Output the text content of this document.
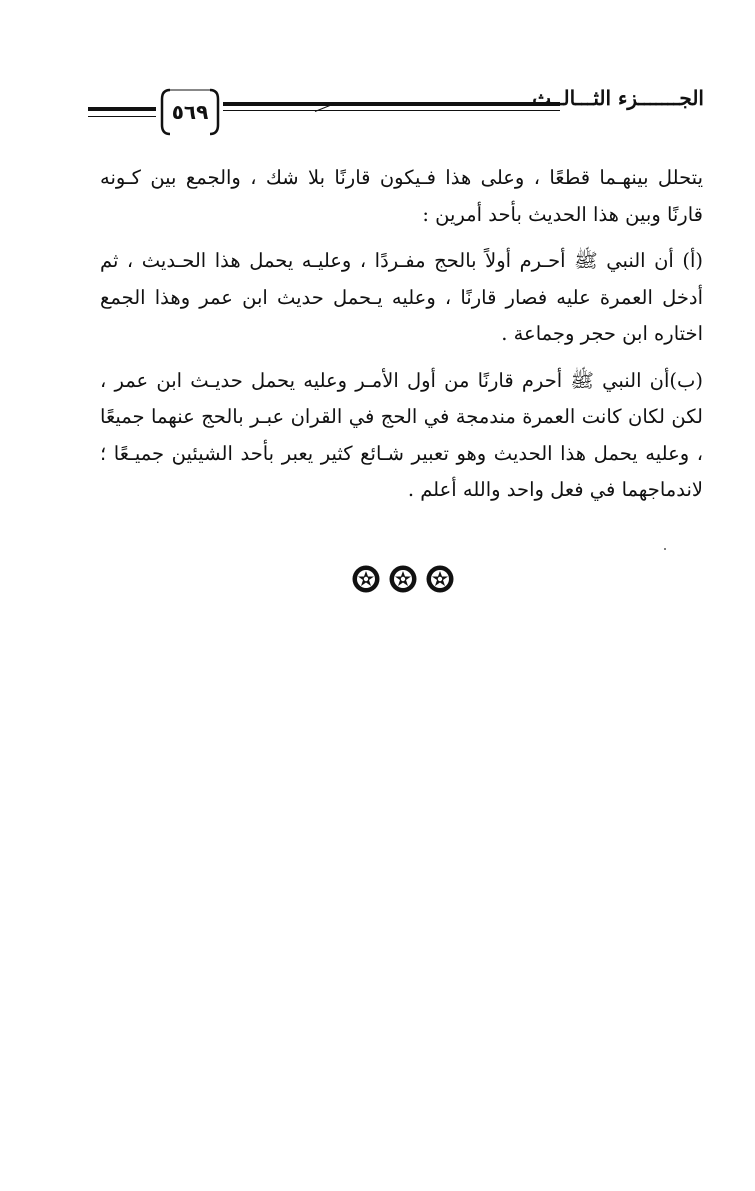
الجـــــــزء الثـــالــث
٥٦٩

يتحلل بينهـما قطعًا ، وعلى هذا فـيكون قارنًا بلا شك ، والجمع بين كـونه قارنًا وبين هذا الحديث بأحد أمرين :

(أ) أن النبي ﷺ أحـرم أولاً بالحج مفـردًا ، وعليـه يحمل هذا الحـديث ، ثم أدخل العمرة عليه فصار قارنًا ، وعليه يـحمل حديث ابن عمر وهذا الجمع اختاره ابن حجر وجماعة .

(ب)أن النبي ﷺ أحرم قارنًا من أول الأمـر وعليه يحمل حديـث ابن عمر ، لكن لكان كانت العمرة مندمجة في الحج في القران عبـر بالحج عنهما جميعًا ، وعليه يحمل هذا الحديث وهو تعبير شـائع كثير يعبر بأحد الشيئين جميـعًا ؛ لاندماجهما في فعل واحد والله أعلم .
